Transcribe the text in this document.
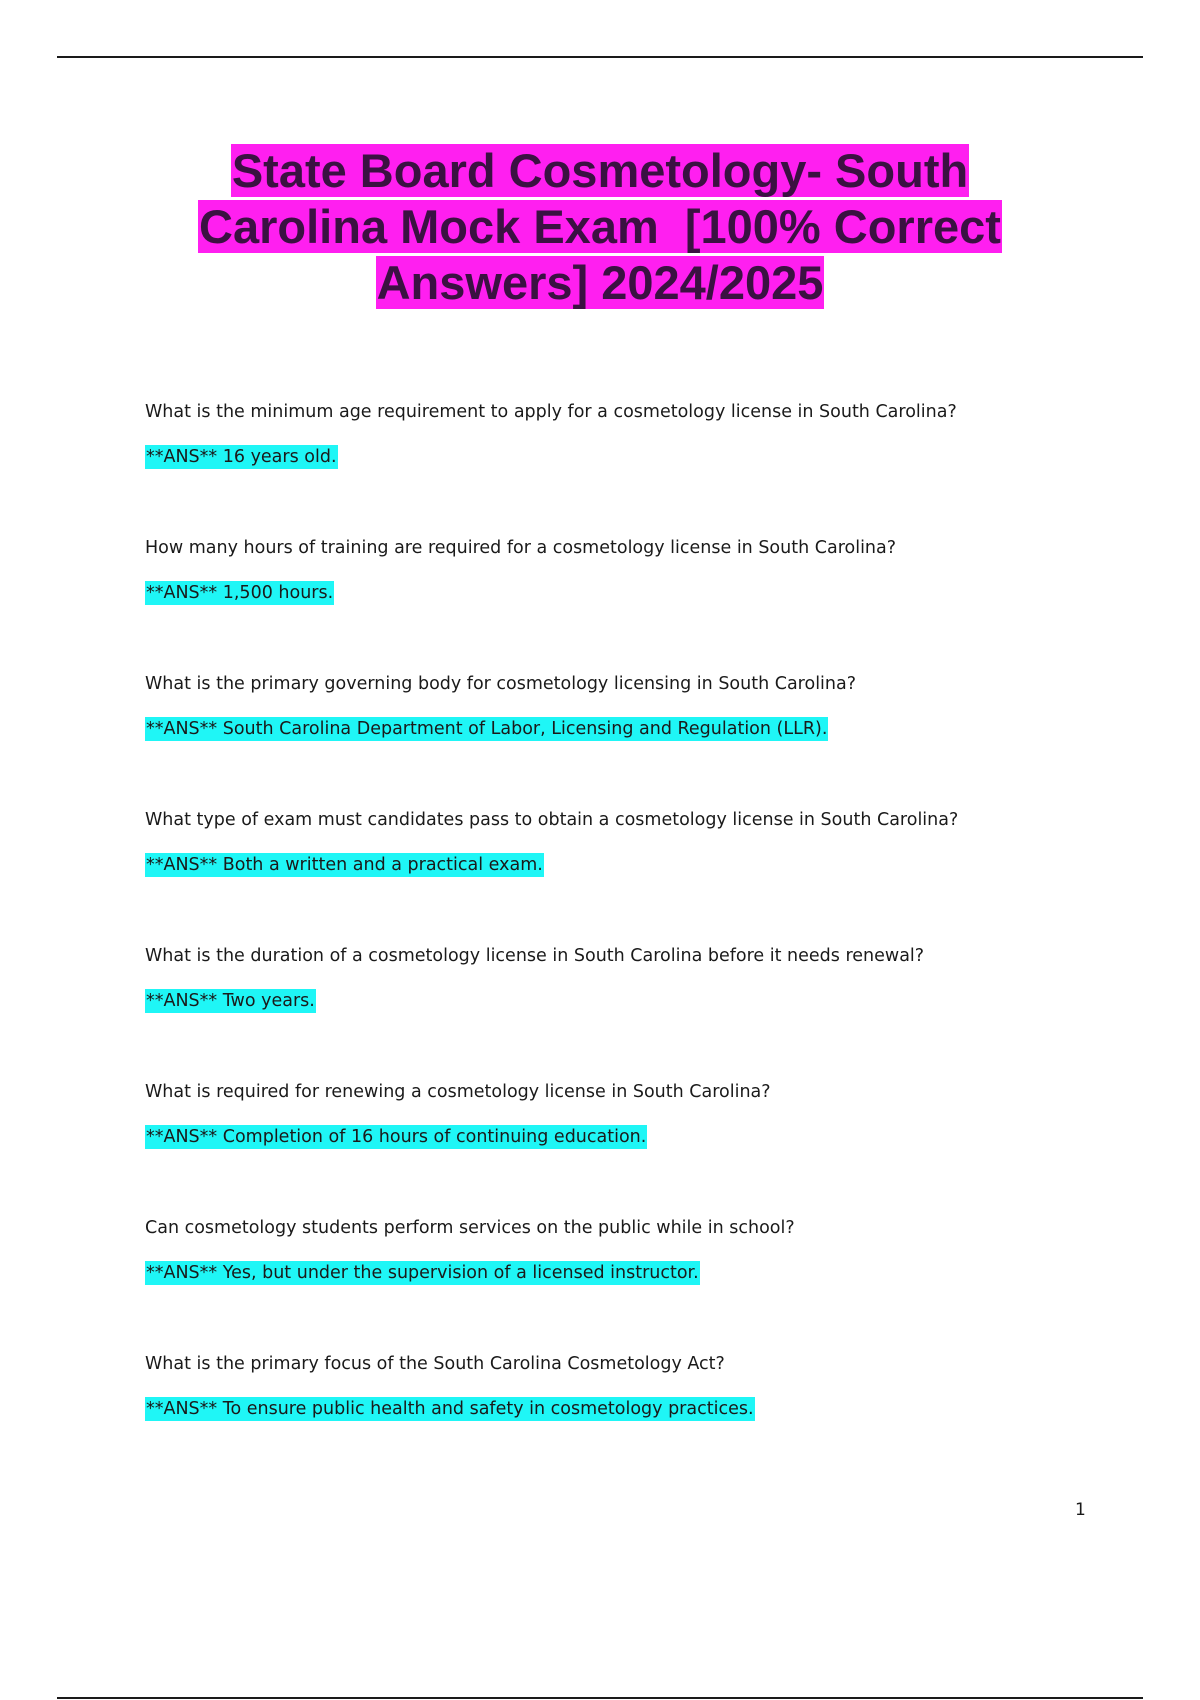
State Board Cosmetology- South
Carolina Mock Exam  [100% Correct
Answers] 2024/2025
What is the minimum age requirement to apply for a cosmetology license in South Carolina?
**ANS** 16 years old.
How many hours of training are required for a cosmetology license in South Carolina?
**ANS** 1,500 hours.
What is the primary governing body for cosmetology licensing in South Carolina?
**ANS** South Carolina Department of Labor, Licensing and Regulation (LLR).
What type of exam must candidates pass to obtain a cosmetology license in South Carolina?
**ANS** Both a written and a practical exam.
What is the duration of a cosmetology license in South Carolina before it needs renewal?
**ANS** Two years.
What is required for renewing a cosmetology license in South Carolina?
**ANS** Completion of 16 hours of continuing education.
Can cosmetology students perform services on the public while in school?
**ANS** Yes, but under the supervision of a licensed instructor.
What is the primary focus of the South Carolina Cosmetology Act?
**ANS** To ensure public health and safety in cosmetology practices.
1
